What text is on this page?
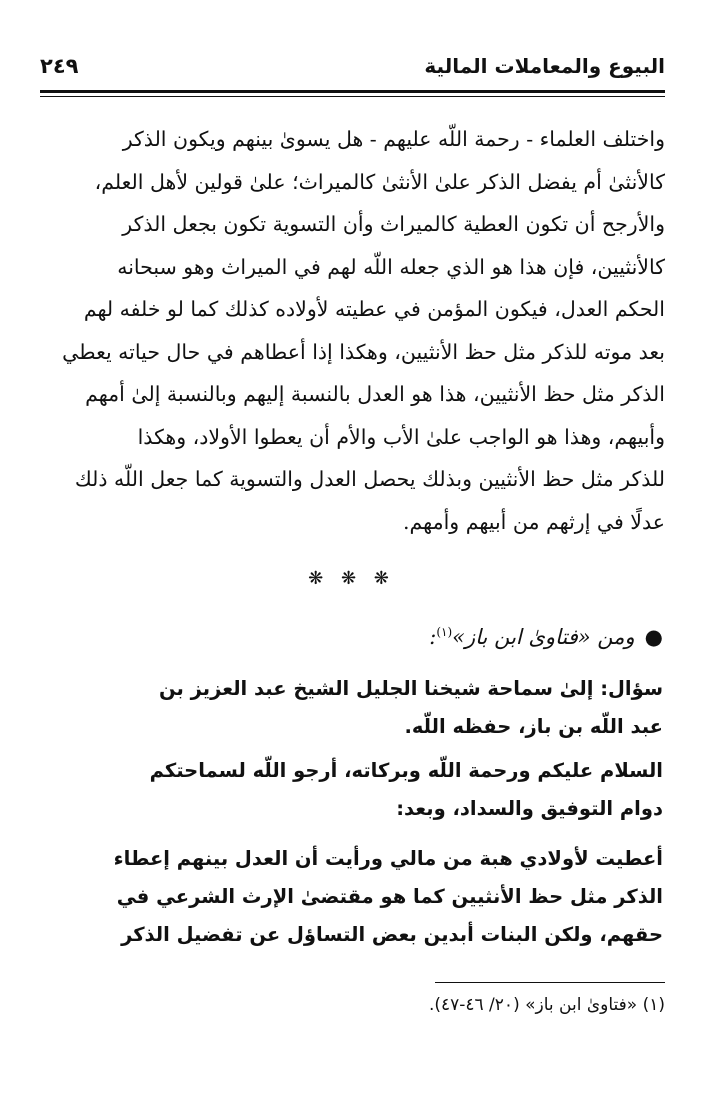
البيوع والمعاملات المالية
٢٤٩

واختلف العلماء - رحمة اللّه عليهم - هل يسوىٰ بينهم ويكون الذكر

كالأنثىٰ أم يفضل الذكر علىٰ الأنثىٰ كالميراث؛ علىٰ قولين لأهل العلم،

والأرجح أن تكون العطية كالميراث وأن التسوية تكون بجعل الذكر

كالأنثيين، فإن هذا هو الذي جعله اللّه لهم في الميراث وهو سبحانه

الحكم العدل، فيكون المؤمن في عطيته لأولاده كذلك كما لو خلفه لهم

بعد موته للذكر مثل حظ الأنثيين، وهكذا إذا أعطاهم في حال حياته يعطي

الذكر مثل حظ الأنثيين، هذا هو العدل بالنسبة إليهم وبالنسبة إلىٰ أمهم

وأبيهم، وهذا هو الواجب علىٰ الأب والأم أن يعطوا الأولاد، وهكذا

للذكر مثل حظ الأنثيين وبذلك يحصل العدل والتسوية كما جعل اللّه ذلك

عدلًا في إرثهم من أبيهم وأمهم.

❋ ❋ ❋
●ومن «فتاوىٰ ابن باز»$^{(١)}$:

سؤال: إلىٰ سماحة شيخنا الجليل الشيخ عبد العزيز بن

عبد اللّه بن باز، حفظه اللّه.

السلام عليكم ورحمة اللّه وبركاته، أرجو اللّه لسماحتكم

دوام التوفيق والسداد، وبعد:

أعطيت لأولادي هبة من مالي ورأيت أن العدل بينهم إعطاء

الذكر مثل حظ الأنثيين كما هو مقتضىٰ الإرث الشرعي في

حقهم، ولكن البنات أبدين بعض التساؤل عن تفضيل الذكر

(١) «فتاوىٰ ابن باز» (٢٠/ ٤٦-٤٧).
